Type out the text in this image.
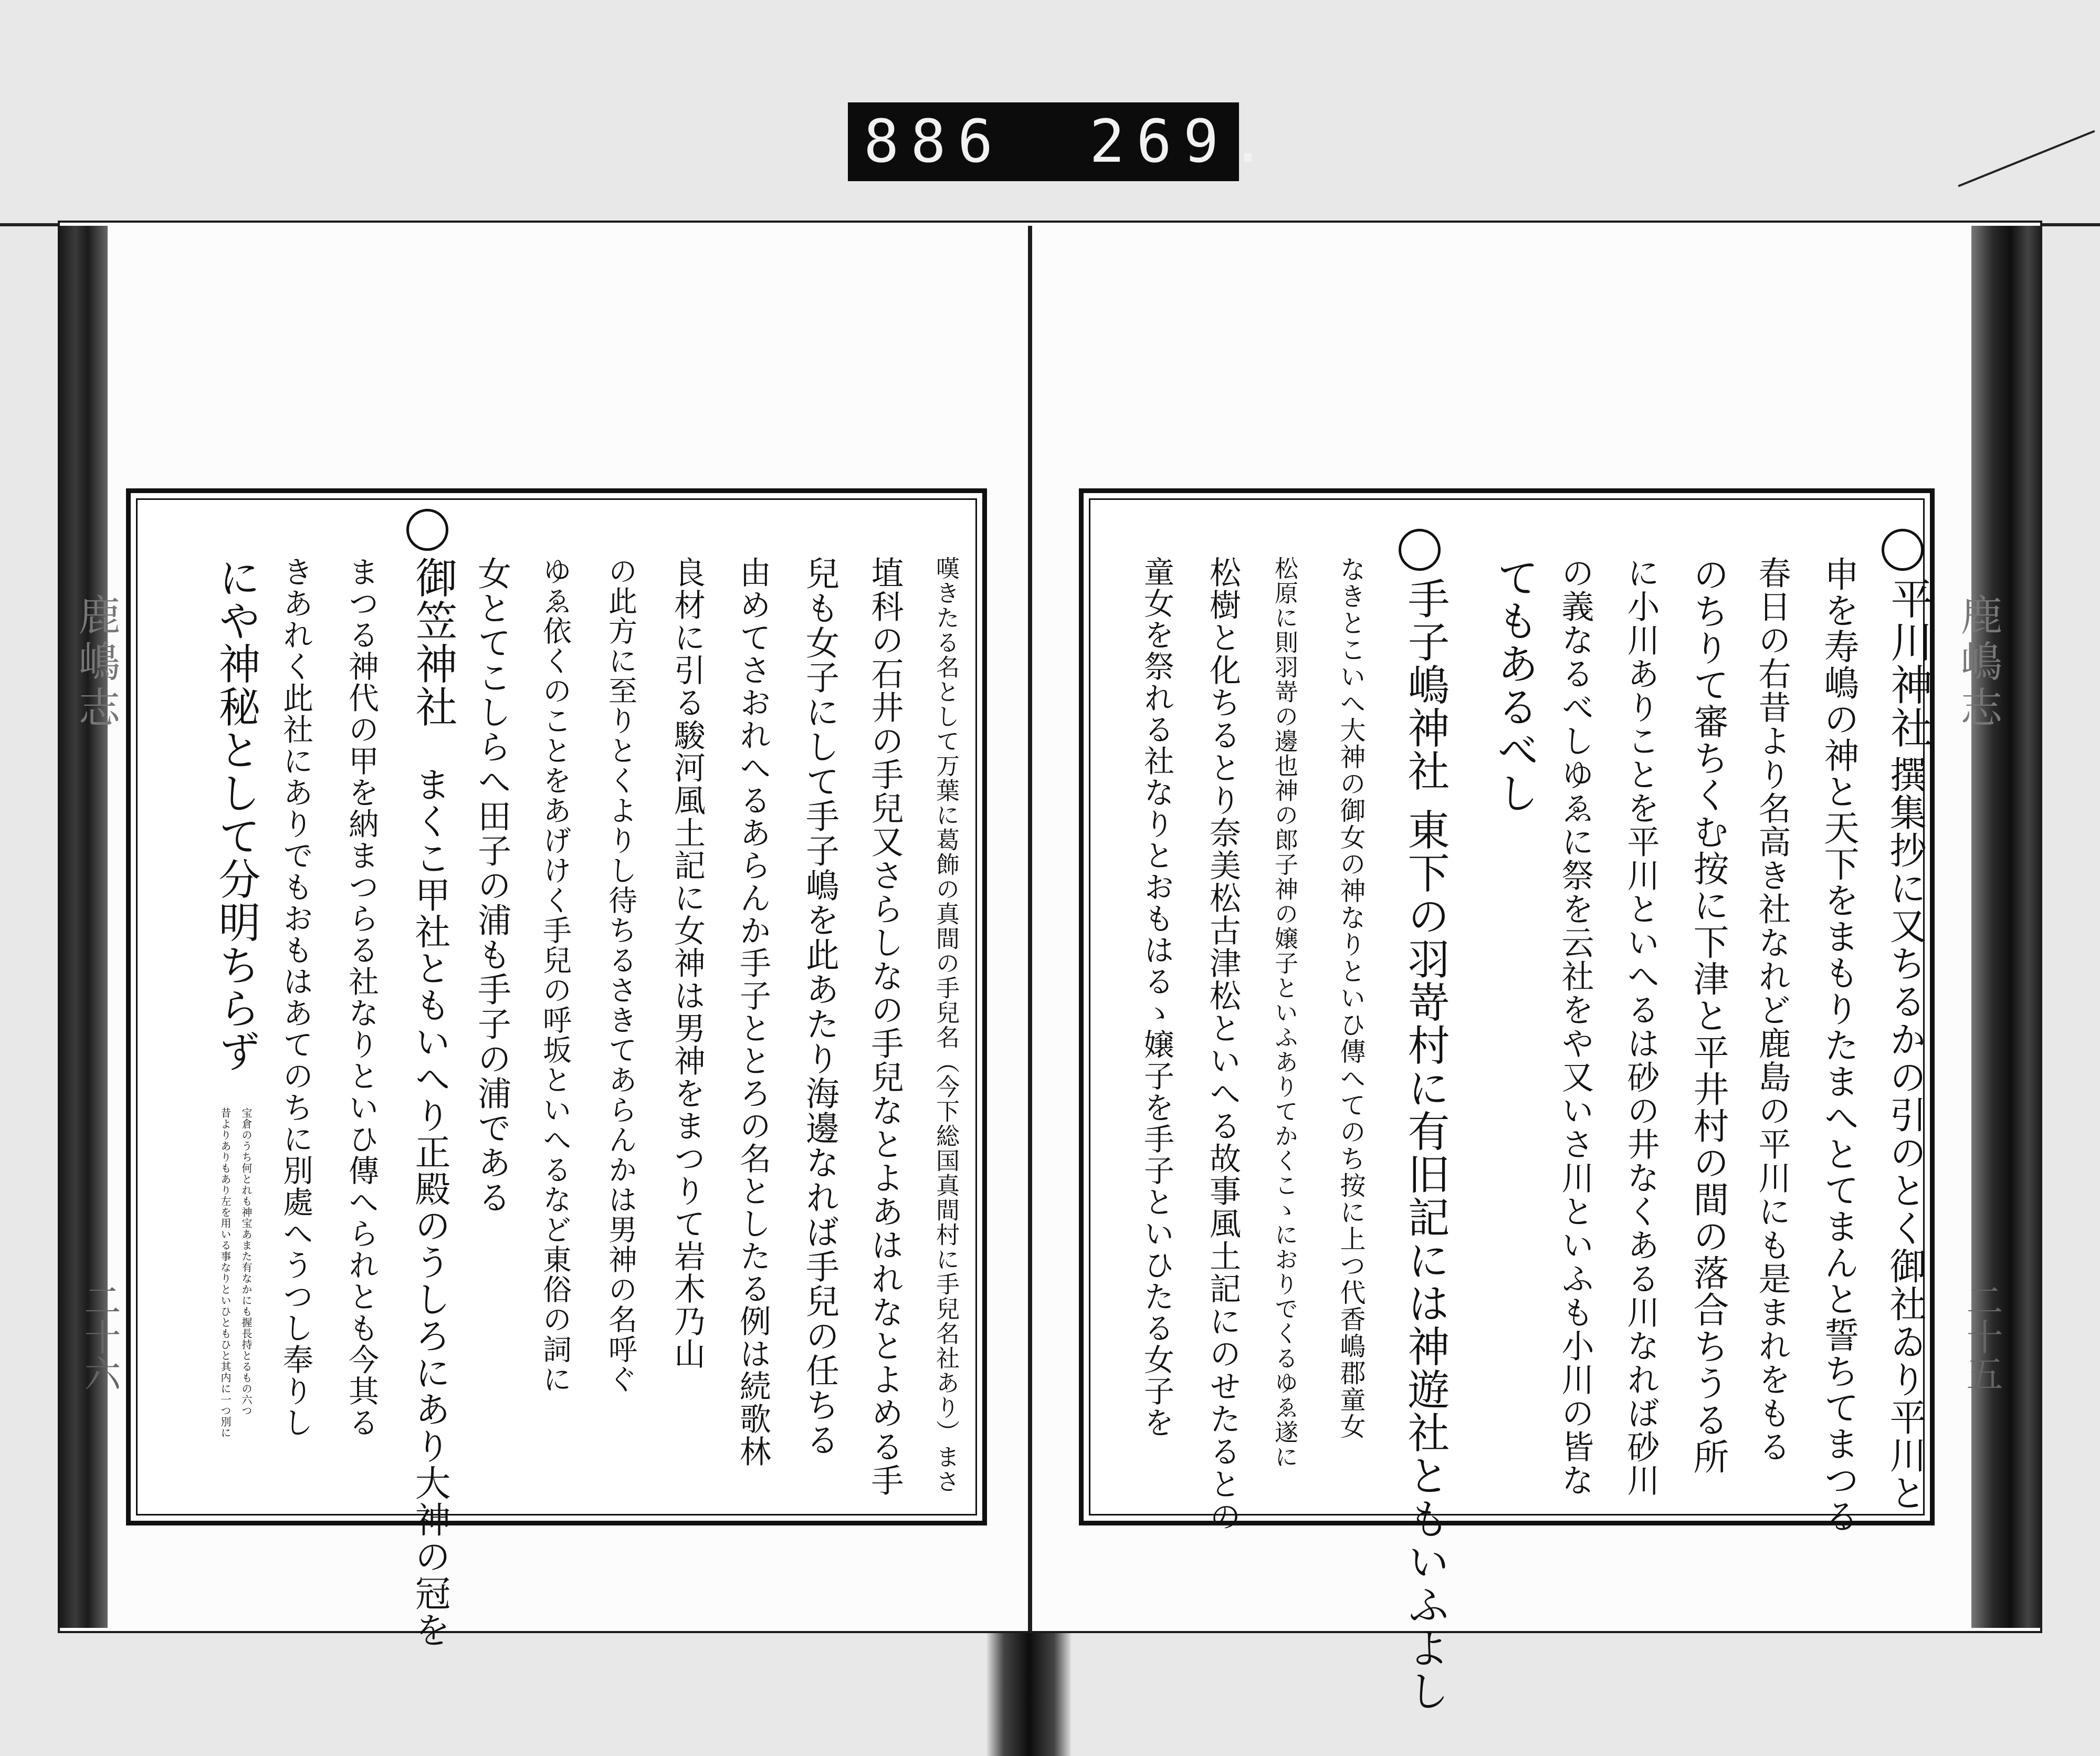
886 269.
鹿嶋志
二十六
鹿嶋志
二十五
平川神社
撰集抄に又ちるかの引のとく御社ゐり平川と
申を寿嶋の神と天下をまもりたまへとてまんと誓ちてまつる
春日の右昔より名高き社なれど鹿島の平川にも是まれをもる
のちりて審ちくむ按に下津と平井村の間の落合ちうる所
に小川ありことを平川といへるは砂の井なくある川なれば砂川
の義なるべしゆゑに祭を云社をや又いさ川といふも小川の皆な
てもあるべし
手子嶋神社
東下の羽嵜村に有旧記には神遊社ともいふよし
なきとこいへ大神の御女の神なりといひ傳へてのち按に上つ代香嶋郡童女
松原に則羽嵜の邊也神の郎子神の嬢子といふありてかくこゝにおりでくるゆゑ遂に
松樹と化ちるとり奈美松古津松といへる故事風土記にのせたるとの
童女を祭れる社なりとおもはるゝ嬢子を手子といひたる女子を
嘆きたる名として万葉に葛飾の真間の手兒名（今下総国真間村に手兒名社あり）まさ
埴科の石井の手兒又さらしなの手兒なとよあはれなとよめる手
兒も女子にして手子嶋を此あたり海邊なれば手兒の任ちる
由めてさおれへるあらんか手子ととろの名としたる例は続歌林
良材に引る駿河風土記に女神は男神をまつりて岩木乃山
の此方に至りとくよりし待ちるさきてあらんかは男神の名呼ぐ
ゆゑ依くのことをあげけく手兒の呼坂といへるなど東俗の詞に
女とてこしらへ田子の浦も手子の浦である
御笠神社
まくこ甲社ともいへり正殿のうしろにあり大神の冠を
まつる神代の甲を納まつらる社なりといひ傳へられとも今其る
きあれく此社にありでもおもはあてのちに別處へうつし奉りし
にや神秘として分明ちらず
宝倉のうち何とれも神宝あまた有なかにも握長持とるもの六つ
昔よりありもあり左を用いる事なりといひともひと其内に一つ別に
